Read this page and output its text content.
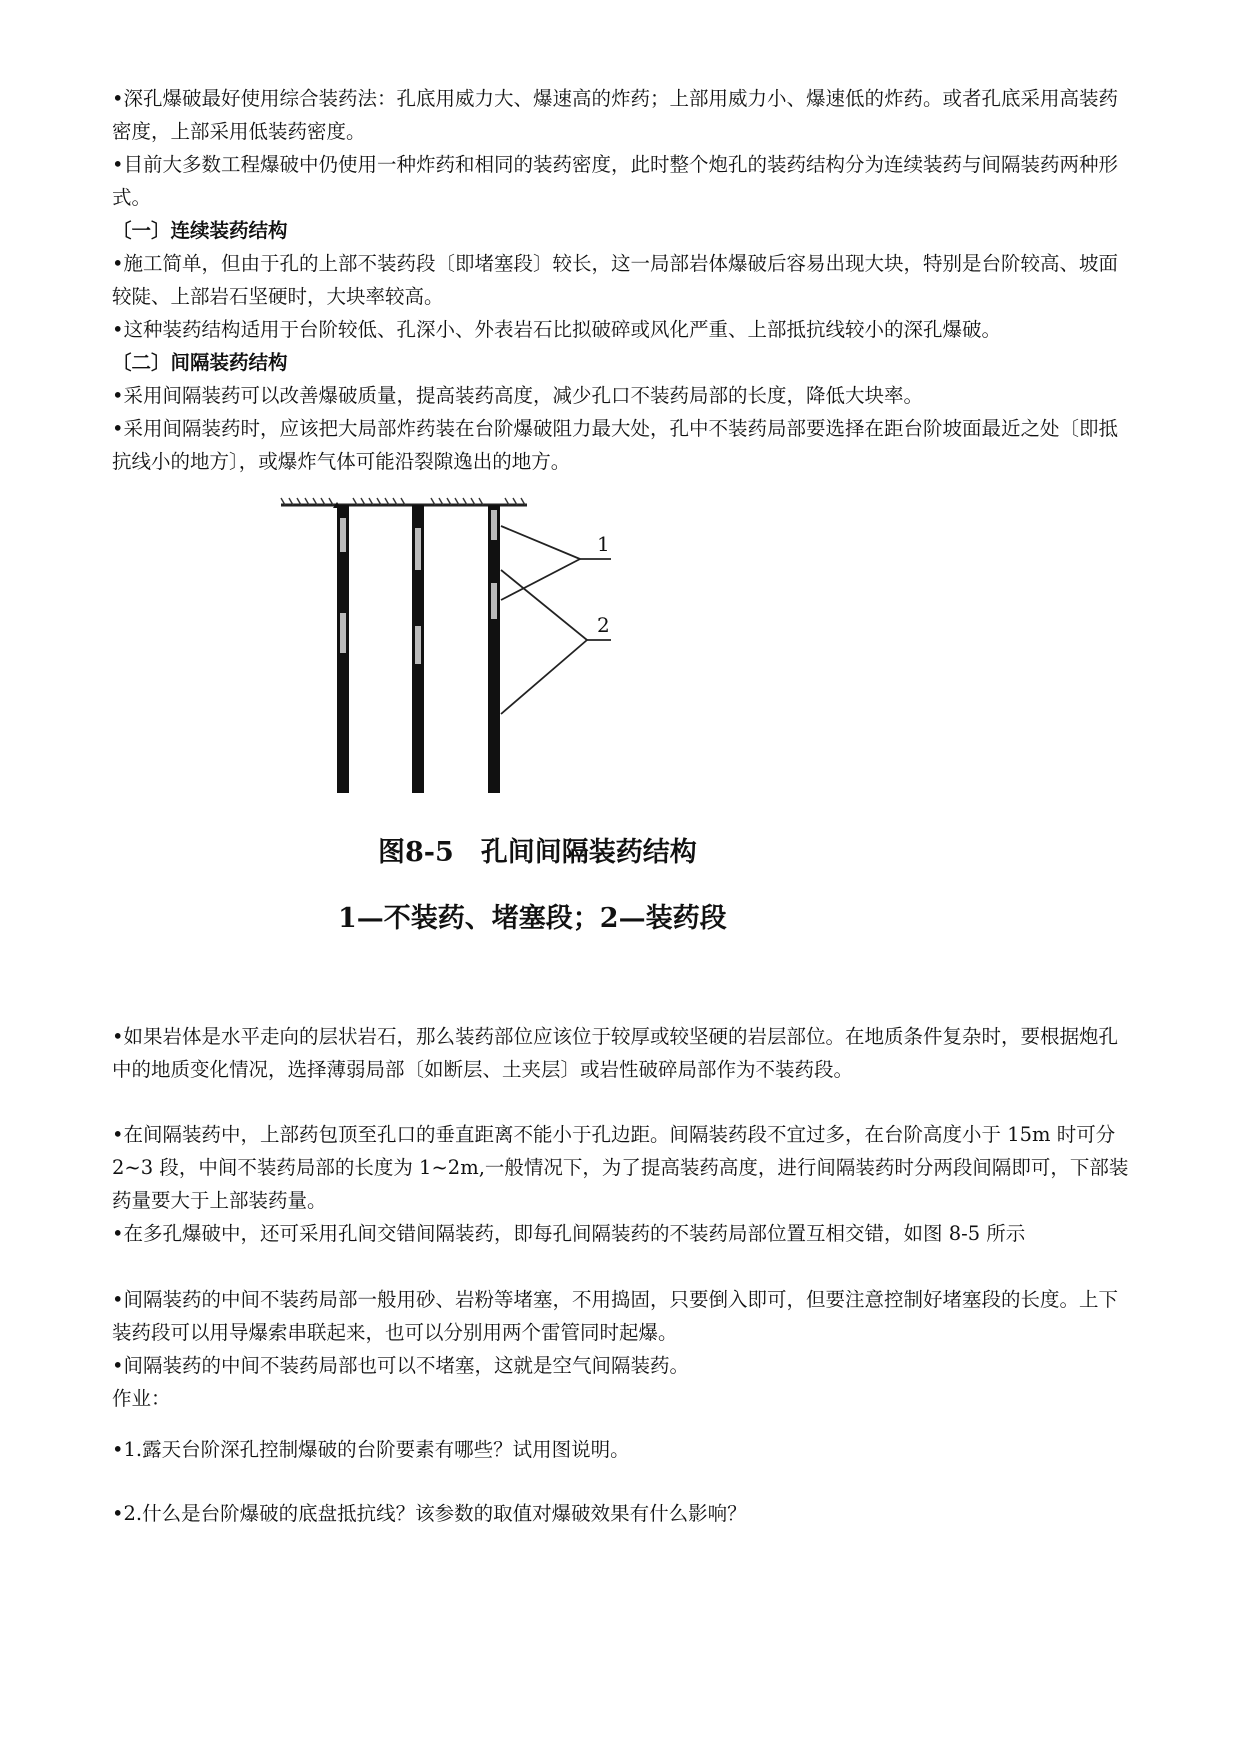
•深孔爆破最好使用综合装药法：孔底用威力大、爆速高的炸药；上部用威力小、爆速低的炸药。或者孔底采用高装药密度，上部采用低装药密度。

•目前大多数工程爆破中仍使用一种炸药和相同的装药密度，此时整个炮孔的装药结构分为连续装药与间隔装药两种形式。

〔一〕连续装药结构

•施工简单，但由于孔的上部不装药段〔即堵塞段〕较长，这一局部岩体爆破后容易出现大块，特别是台阶较高、坡面较陡、上部岩石坚硬时，大块率较高。

•这种装药结构适用于台阶较低、孔深小、外表岩石比拟破碎或风化严重、上部抵抗线较小的深孔爆破。

〔二〕间隔装药结构

•采用间隔装药可以改善爆破质量，提高装药高度，减少孔口不装药局部的长度，降低大块率。

•采用间隔装药时，应该把大局部炸药装在台阶爆破阻力最大处，孔中不装药局部要选择在距台阶坡面最近之处〔即抵抗线小的地方〕，或爆炸气体可能沿裂隙逸出的地方。

1
2

图8-5　孔间间隔装药结构

1—不装药、堵塞段；2—装药段

•如果岩体是水平走向的层状岩石，那么装药部位应该位于较厚或较坚硬的岩层部位。在地质条件复杂时，要根据炮孔中的地质变化情况，选择薄弱局部〔如断层、土夹层〕或岩性破碎局部作为不装药段。

•在间隔装药中，上部药包顶至孔口的垂直距离不能小于孔边距。间隔装药段不宜过多，在台阶高度小于 15m 时可分 2~3 段，中间不装药局部的长度为 1~2m,一般情况下，为了提高装药高度，进行间隔装药时分两段间隔即可，下部装药量要大于上部装药量。

•在多孔爆破中，还可采用孔间交错间隔装药，即每孔间隔装药的不装药局部位置互相交错，如图 8-5 所示

•间隔装药的中间不装药局部一般用砂、岩粉等堵塞，不用捣固，只要倒入即可，但要注意控制好堵塞段的长度。上下装药段可以用导爆索串联起来，也可以分别用两个雷管同时起爆。

•间隔装药的中间不装药局部也可以不堵塞，这就是空气间隔装药。

作业：

•1.露天台阶深孔控制爆破的台阶要素有哪些？试用图说明。

•2.什么是台阶爆破的底盘抵抗线？该参数的取值对爆破效果有什么影响？
